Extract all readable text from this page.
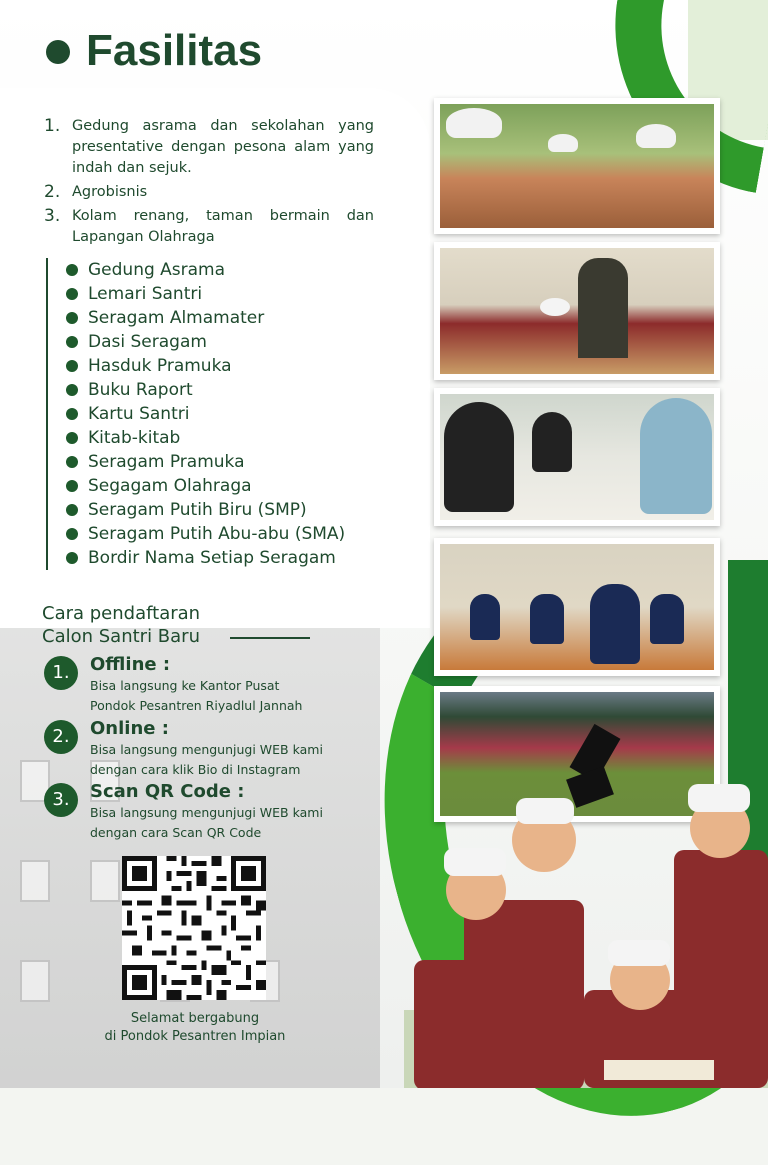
Fasilitas
1. Gedung asrama dan sekolahan yang presentative dengan pesona alam yang indah dan sejuk.
2. Agrobisnis
3. Kolam renang, taman bermain dan Lapangan Olahraga
Gedung Asrama
Lemari Santri
Seragam Almamater
Dasi Seragam
Hasduk Pramuka
Buku Raport
Kartu Santri
Kitab-kitab
Seragam Pramuka
Segagam Olahraga
Seragam Putih Biru (SMP)
Seragam Putih Abu-abu (SMA)
Bordir Nama Setiap Seragam
Cara pendaftaran
Calon Santri Baru
1.	Offline :
Bisa langsung ke Kantor Pusat
Pondok Pesantren Riyadlul Jannah
2.	Online :
Bisa langsung mengunjugi WEB kami
dengan cara klik Bio di Instagram
3.	Scan QR Code :
Bisa langsung mengunjugi WEB kami
dengan cara Scan QR Code
Selamat bergabung
di Pondok Pesantren Impian
